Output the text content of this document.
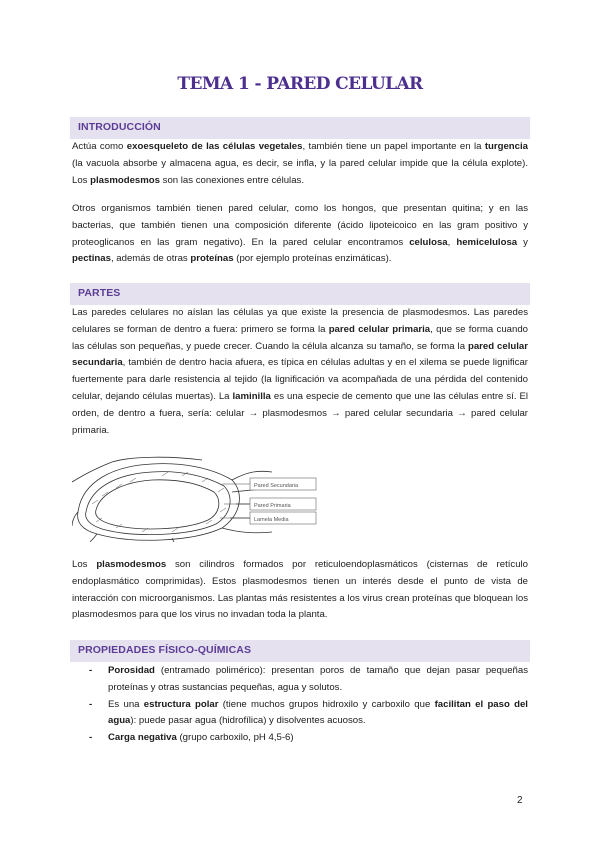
TEMA 1 - PARED CELULAR
INTRODUCCIÓN
Actúa como exoesqueleto de las células vegetales, también tiene un papel importante en la turgencia (la vacuola absorbe y almacena agua, es decir, se infla, y la pared celular impide que la célula explote). Los plasmodesmos son las conexiones entre células.
Otros organismos también tienen pared celular, como los hongos, que presentan quitina; y en las bacterias, que también tienen una composición diferente (ácido lipoteicoico en las gram positivo y proteoglicanos en las gram negativo). En la pared celular encontramos celulosa, hemicelulosa y pectinas, además de otras proteínas (por ejemplo proteínas enzimáticas).
PARTES
Las paredes celulares no aíslan las células ya que existe la presencia de plasmodesmos. Las paredes celulares se forman de dentro a fuera: primero se forma la pared celular primaria, que se forma cuando las células son pequeñas, y puede crecer. Cuando la célula alcanza su tamaño, se forma la pared celular secundaria, también de dentro hacia afuera, es típica en células adultas y en el xilema se puede lignificar fuertemente para darle resistencia al tejido (la lignificación va acompañada de una pérdida del contenido celular, dejando células muertas). La laminilla es una especie de cemento que une las células entre sí. El orden, de dentro a fuera, sería: celular → plasmodesmos → pared celular secundaria → pared celular primaria.
Pared Secundaria
Pared Primaria
Lamela Media
Los plasmodesmos son cilindros formados por reticuloendoplasmáticos (cisternas de retículo endoplasmático comprimidas). Estos plasmodesmos tienen un interés desde el punto de vista de interacción con microorganismos. Las plantas más resistentes a los virus crean proteínas que bloquean los plasmodesmos para que los virus no invadan toda la planta.
PROPIEDADES FÍSICO-QUÍMICAS
- Porosidad (entramado polimérico): presentan poros de tamaño que dejan pasar pequeñas proteínas y otras sustancias pequeñas, agua y solutos.
- Es una estructura polar (tiene muchos grupos hidroxilo y carboxilo que facilitan el paso del agua): puede pasar agua (hidrofílica) y disolventes acuosos.
- Carga negativa (grupo carboxilo, pH 4,5-6)
2
